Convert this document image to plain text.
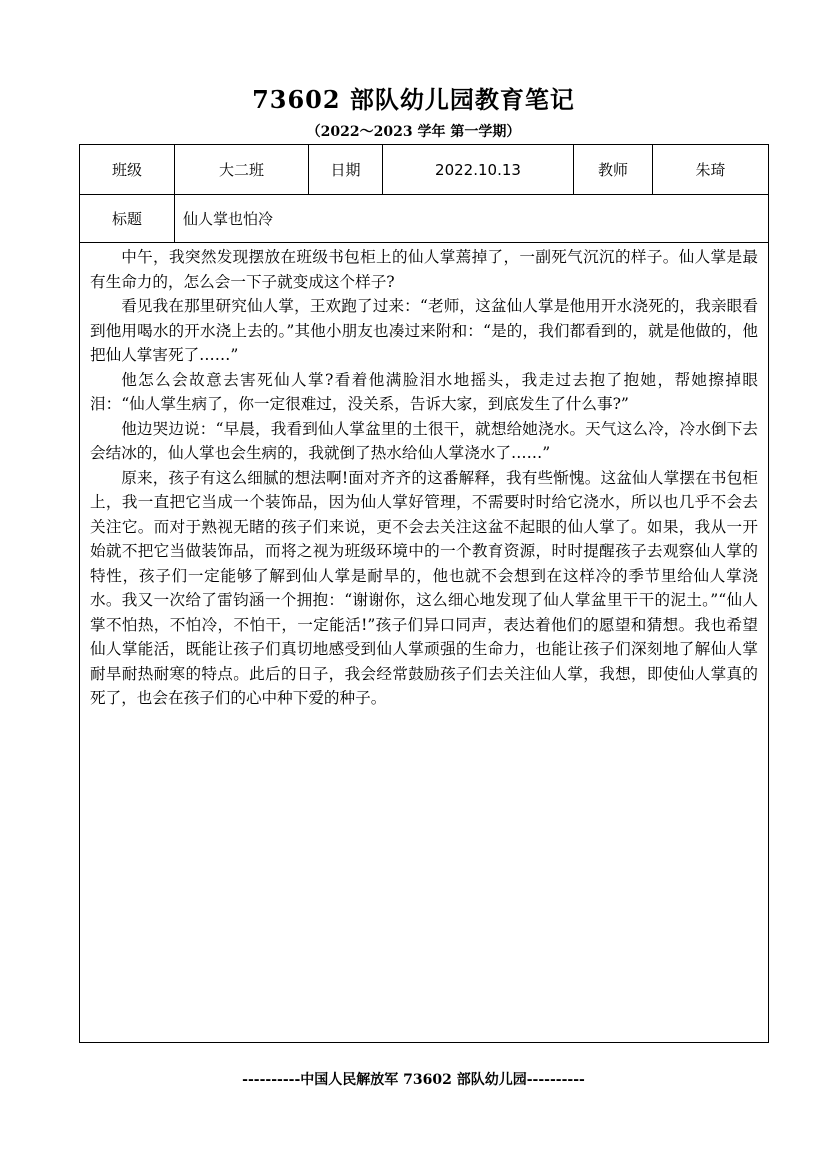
73602 部队幼儿园教育笔记
（2022～2023 学年 第一学期）
班级	大二班	日期	2022.10.13	教师	朱琦
标题	仙人掌也怕冷				

中午，我突然发现摆放在班级书包柜上的仙人掌蔫掉了，一副死气沉沉的样子。仙人掌是最有生命力的，怎么会一下子就变成这个样子?

看见我在那里研究仙人掌，王欢跑了过来：“老师，这盆仙人掌是他用开水浇死的，我亲眼看到他用喝水的开水浇上去的。”其他小朋友也凑过来附和：“是的，我们都看到的，就是他做的，他把仙人掌害死了……”

他怎么会故意去害死仙人掌?看着他满脸泪水地摇头，我走过去抱了抱她，帮她擦掉眼泪：“仙人掌生病了，你一定很难过，没关系，告诉大家，到底发生了什么事?”

他边哭边说：“早晨，我看到仙人掌盆里的土很干，就想给她浇水。天气这么冷，冷水倒下去会结冰的，仙人掌也会生病的，我就倒了热水给仙人掌浇水了……”

原来，孩子有这么细腻的想法啊!面对齐齐的这番解释，我有些惭愧。这盆仙人掌摆在书包柜上，我一直把它当成一个装饰品，因为仙人掌好管理，不需要时时给它浇水，所以也几乎不会去关注它。而对于熟视无睹的孩子们来说，更不会去关注这盆不起眼的仙人掌了。如果，我从一开始就不把它当做装饰品，而将之视为班级环境中的一个教育资源，时时提醒孩子去观察仙人掌的特性，孩子们一定能够了解到仙人掌是耐旱的，他也就不会想到在这样冷的季节里给仙人掌浇水。我又一次给了雷钧涵一个拥抱：“谢谢你，这么细心地发现了仙人掌盆里干干的泥土。”“仙人掌不怕热，不怕冷，不怕干，一定能活!”孩子们异口同声，表达着他们的愿望和猜想。我也希望仙人掌能活，既能让孩子们真切地感受到仙人掌顽强的生命力，也能让孩子们深刻地了解仙人掌耐旱耐热耐寒的特点。此后的日子，我会经常鼓励孩子们去关注仙人掌，我想，即使仙人掌真的死了，也会在孩子们的心中种下爱的种子。					

----------中国人民解放军 73602 部队幼儿园----------
